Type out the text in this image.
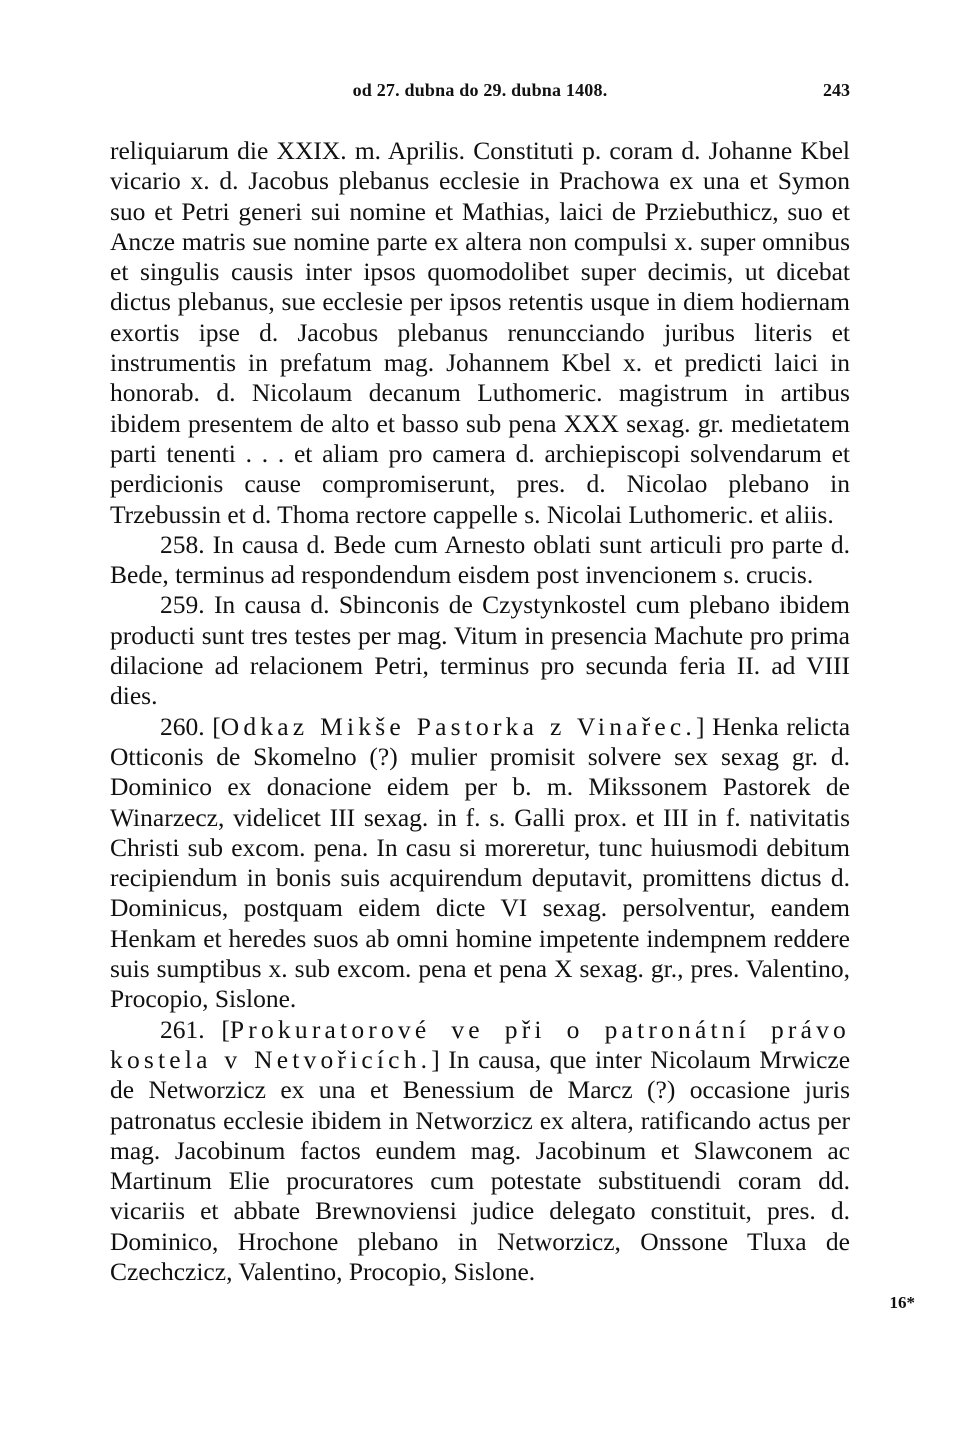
od 27. dubna do 29. dubna 1408.	243

reliquiarum die XXIX. m. Aprilis. Constituti p. coram d. Johanne Kbel vicario x. d. Jacobus plebanus ecclesie in Prachowa ex una et Symon suo et Petri generi sui nomine et Mathias, laici de Prziebuthicz, suo et Ancze matris sue nomine parte ex altera non compulsi x. super omnibus et singulis causis inter ipsos quomodolibet super decimis, ut dicebat dictus plebanus, sue ecclesie per ipsos retentis usque in diem hodiernam exortis ipse d. Jacobus plebanus renuncciando juribus literis et instrumentis in prefatum mag. Johannem Kbel x. et predicti laici in honorab. d. Nicolaum decanum Luthomeric. magistrum in artibus ibidem presentem de alto et basso sub pena XXX sexag. gr. medietatem parti tenenti . . . et aliam pro camera d. archiepiscopi solvendarum et perdicionis cause compromiserunt, pres. d. Nicolao plebano in Trzebussin et d. Thoma rectore cappelle s. Nicolai Luthomeric. et aliis.

258. In causa d. Bede cum Arnesto oblati sunt articuli pro parte d. Bede, terminus ad respondendum eisdem post invencionem s. crucis.

259. In causa d. Sbinconis de Czystynkostel cum plebano ibidem producti sunt tres testes per mag. Vitum in presencia Machute pro prima dilacione ad relacionem Petri, terminus pro secunda feria II. ad VIII dies.

260. [Odkaz Mikše Pastorka z Vinařec.] Henka relicta Otticonis de Skomelno (?) mulier promisit solvere sex sexag gr. d. Dominico ex donacione eidem per b. m. Mikssonem Pastorek de Winarzecz, videlicet III sexag. in f. s. Galli prox. et III in f. nativitatis Christi sub excom. pena. In casu si moreretur, tunc huiusmodi debitum recipiendum in bonis suis acquirendum deputavit, promittens dictus d. Dominicus, postquam eidem dicte VI sexag. persolventur, eandem Henkam et heredes suos ab omni homine impetente indempnem reddere suis sumptibus x. sub excom. pena et pena X sexag. gr., pres. Valentino, Procopio, Sislone.

261. [Prokuratorové ve při o patronátní právo kostela v Netvořicích.] In causa, que inter Nicolaum Mrwicze de Networzicz ex una et Benessium de Marcz (?) occasione juris patronatus ecclesie ibidem in Networzicz ex altera, ratificando actus per mag. Jacobinum factos eundem mag. Jacobinum et Slawconem ac Martinum Elie procuratores cum potestate substituendi coram dd. vicariis et abbate Brewnoviensi judice delegato constituit, pres. d. Dominico, Hrochone plebano in Networzicz, Onssone Tluxa de Czechczicz, Valentino, Procopio, Sislone.

16*
